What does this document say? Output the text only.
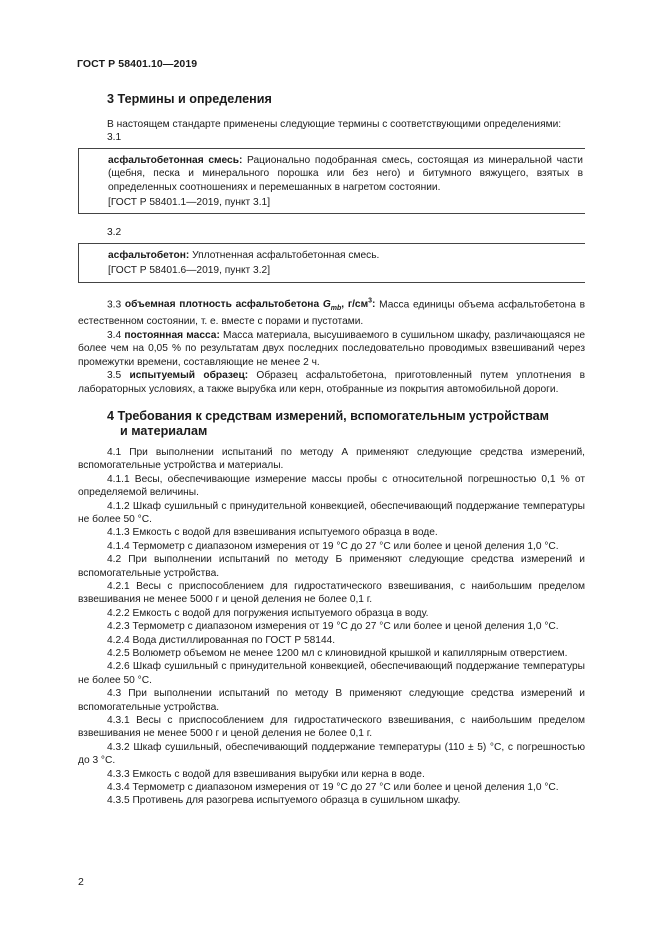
ГОСТ Р 58401.10—2019
3 Термины и определения

В настоящем стандарте применены следующие термины с соответствующими определениями:

3.1

асфальтобетонная смесь: Рационально подобранная смесь, состоящая из минеральной части (щебня, песка и минерального порошка или без него) и битумного вяжущего, взятых в определенных соотношениях и перемешанных в нагретом состоянии.

[ГОСТ Р 58401.1—2019, пункт 3.1]

3.2

асфальтобетон: Уплотненная асфальтобетонная смесь.

[ГОСТ Р 58401.6—2019, пункт 3.2]

3.3 объемная плотность асфальтобетона $G_{mb}$, $г/см^3$: Масса единицы объема асфальтобетона в естественном состоянии, т. е. вместе с порами и пустотами.

3.4 постоянная масса: Масса материала, высушиваемого в сушильном шкафу, различающаяся не более чем на 0,05 % по результатам двух последних последовательно проводимых взвешиваний через промежутки времени, составляющие не менее 2 ч.

3.5 испытуемый образец: Образец асфальтобетона, приготовленный путем уплотнения в лабораторных условиях, а также вырубка или керн, отобранные из покрытия автомобильной дороги.

4 Требования к средствам измерений, вспомогательным устройствам
и материалам

4.1 При выполнении испытаний по методу А применяют следующие средства измерений, вспомогательные устройства и материалы.

4.1.1 Весы, обеспечивающие измерение массы пробы с относительной погрешностью 0,1 % от определяемой величины.

4.1.2 Шкаф сушильный с принудительной конвекцией, обеспечивающий поддержание температуры не более 50 °С.

4.1.3 Емкость с водой для взвешивания испытуемого образца в воде.

4.1.4 Термометр с диапазоном измерения от 19 °С до 27 °С или более и ценой деления 1,0 °С.

4.2 При выполнении испытаний по методу Б применяют следующие средства измерений и вспомогательные устройства.

4.2.1 Весы с приспособлением для гидростатического взвешивания, с наибольшим пределом взвешивания не менее 5000 г и ценой деления не более 0,1 г.

4.2.2 Емкость с водой для погружения испытуемого образца в воду.

4.2.3 Термометр с диапазоном измерения от 19 °С до 27 °С или более и ценой деления 1,0 °С.

4.2.4 Вода дистиллированная по ГОСТ Р 58144.

4.2.5 Волюметр объемом не менее 1200 мл с клиновидной крышкой и капиллярным отверстием.

4.2.6 Шкаф сушильный с принудительной конвекцией, обеспечивающий поддержание температуры не более 50 °С.

4.3 При выполнении испытаний по методу В применяют следующие средства измерений и вспомогательные устройства.

4.3.1 Весы с приспособлением для гидростатического взвешивания, с наибольшим пределом взвешивания не менее 5000 г и ценой деления не более 0,1 г.

4.3.2 Шкаф сушильный, обеспечивающий поддержание температуры (110 ± 5) °С, с погрешностью до 3 °С.

4.3.3 Емкость с водой для взвешивания вырубки или керна в воде.

4.3.4 Термометр с диапазоном измерения от 19 °С до 27 °С или более и ценой деления 1,0 °С.

4.3.5 Противень для разогрева испытуемого образца в сушильном шкафу.

2
